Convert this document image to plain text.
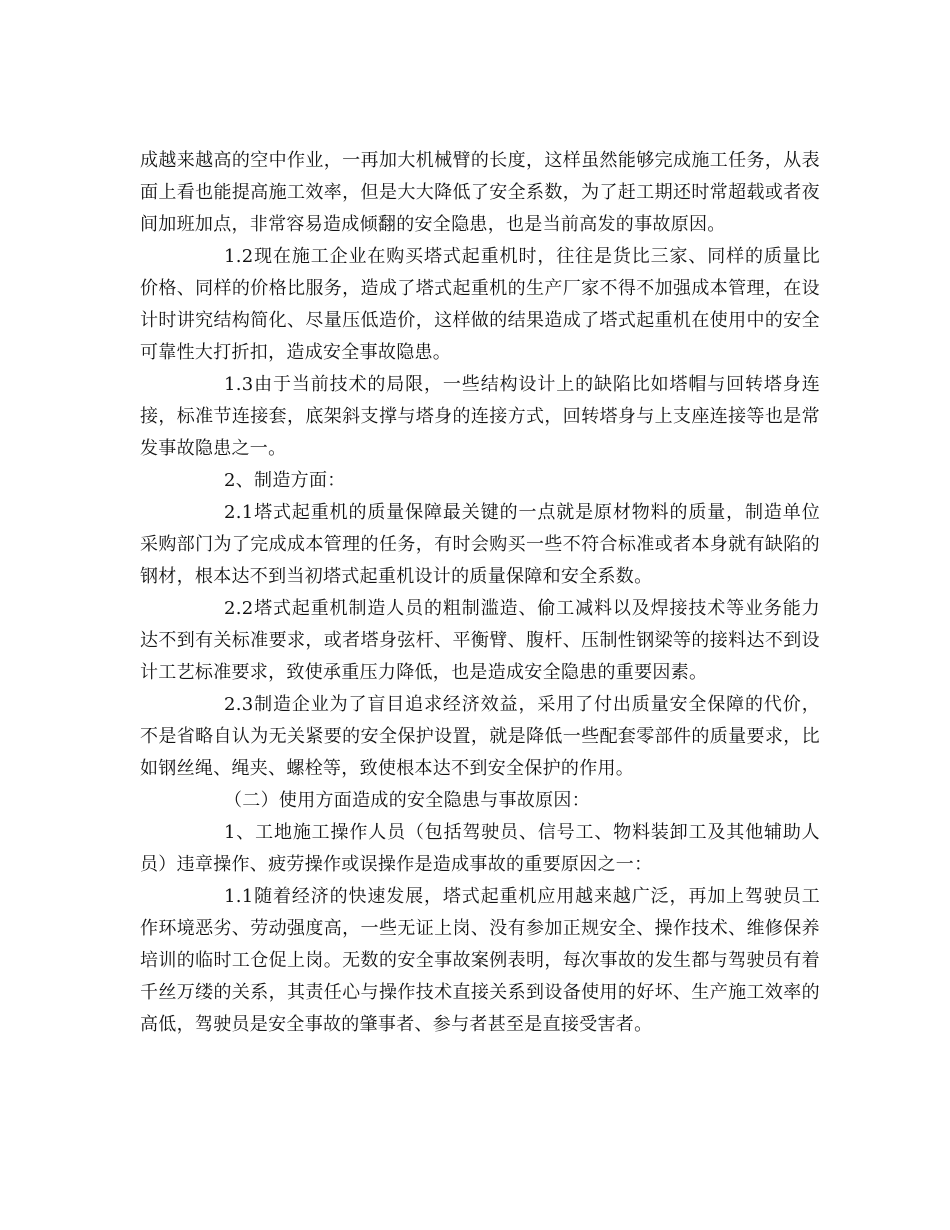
成越来越高的空中作业，一再加大机械臂的长度，这样虽然能够完成施工任务，从表面上看也能提高施工效率，但是大大降低了安全系数，为了赶工期还时常超载或者夜间加班加点，非常容易造成倾翻的安全隐患，也是当前高发的事故原因。

1.2现在施工企业在购买塔式起重机时，往往是货比三家、同样的质量比价格、同样的价格比服务，造成了塔式起重机的生产厂家不得不加强成本管理，在设计时讲究结构简化、尽量压低造价，这样做的结果造成了塔式起重机在使用中的安全可靠性大打折扣，造成安全事故隐患。

1.3由于当前技术的局限，一些结构设计上的缺陷比如塔帽与回转塔身连接，标准节连接套，底架斜支撑与塔身的连接方式，回转塔身与上支座连接等也是常发事故隐患之一。

2、制造方面：

2.1塔式起重机的质量保障最关键的一点就是原材物料的质量，制造单位采购部门为了完成成本管理的任务，有时会购买一些不符合标准或者本身就有缺陷的钢材，根本达不到当初塔式起重机设计的质量保障和安全系数。

2.2塔式起重机制造人员的粗制滥造、偷工减料以及焊接技术等业务能力达不到有关标准要求，或者塔身弦杆、平衡臂、腹杆、压制性钢梁等的接料达不到设计工艺标准要求，致使承重压力降低，也是造成安全隐患的重要因素。

2.3制造企业为了盲目追求经济效益，采用了付出质量安全保障的代价，不是省略自认为无关紧要的安全保护设置，就是降低一些配套零部件的质量要求，比如钢丝绳、绳夹、螺栓等，致使根本达不到安全保护的作用。

（二）使用方面造成的安全隐患与事故原因：

1、工地施工操作人员（包括驾驶员、信号工、物料装卸工及其他辅助人员）违章操作、疲劳操作或误操作是造成事故的重要原因之一：

1.1随着经济的快速发展，塔式起重机应用越来越广泛，再加上驾驶员工作环境恶劣、劳动强度高，一些无证上岗、没有参加正规安全、操作技术、维修保养培训的临时工仓促上岗。无数的安全事故案例表明，每次事故的发生都与驾驶员有着千丝万缕的关系，其责任心与操作技术直接关系到设备使用的好坏、生产施工效率的高低，驾驶员是安全事故的肇事者、参与者甚至是直接受害者。
